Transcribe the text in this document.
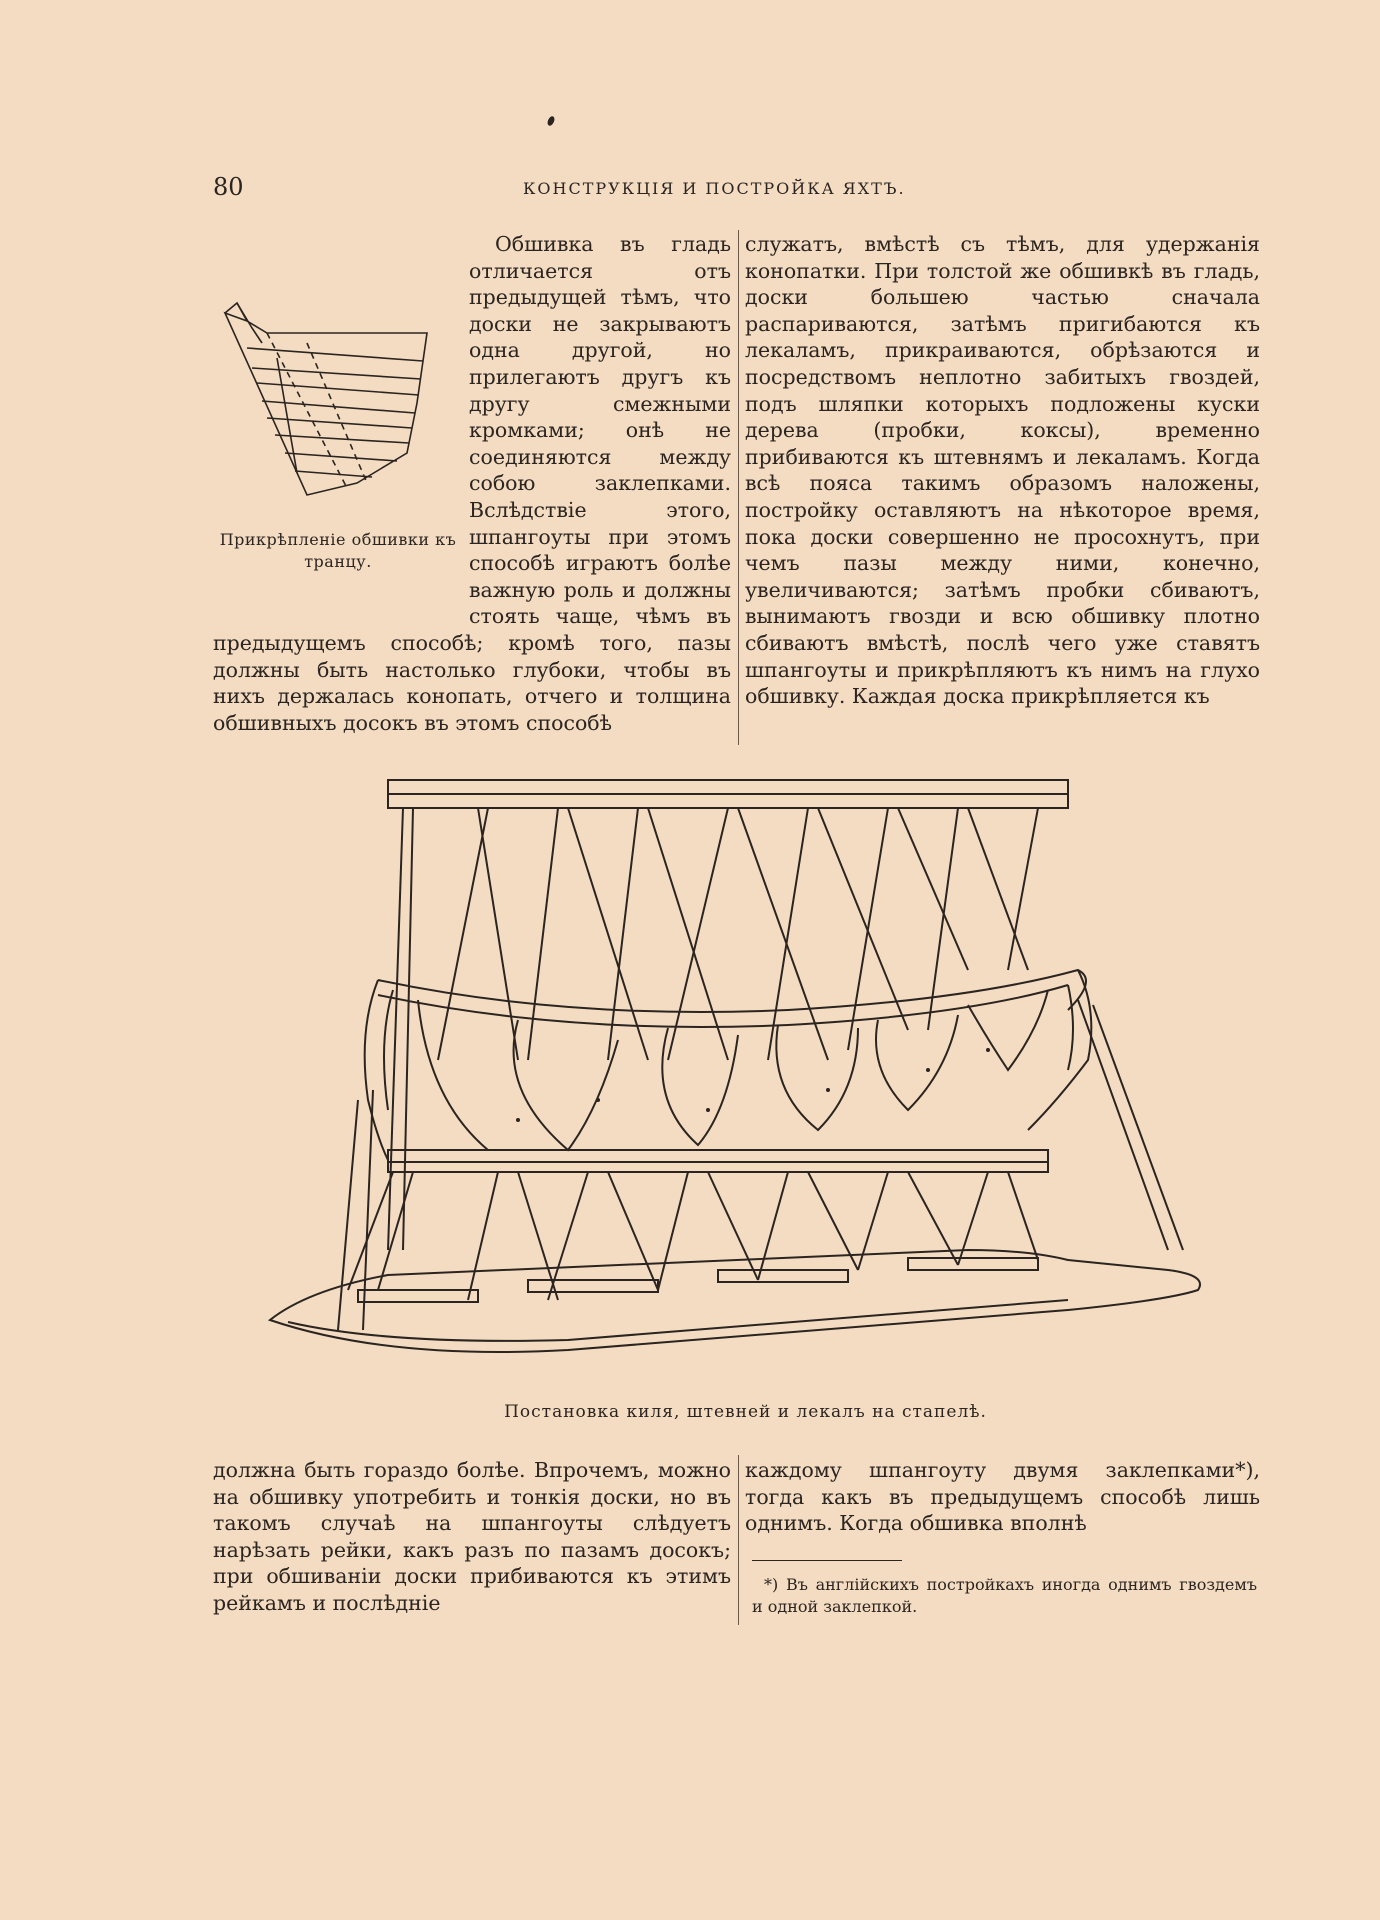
80	КОНСТРУКЦІЯ И ПОСТРОЙКА ЯХТЪ.
Прикрѣпленіе обшивки къ транцу.

Обшивка въ гладь отличается отъ предыдущей тѣмъ, что доски не закрываютъ одна другой, но прилегаютъ другъ къ другу смежными кромками; онѣ не соединяются между собою заклепками. Вслѣдствіе этого, шпангоуты при этомъ способѣ играютъ болѣе важную роль и должны стоять чаще, чѣмъ въ предыдущемъ способѣ; кромѣ того, пазы должны быть настолько глубоки, чтобы въ нихъ держалась конопать, отчего и толщина обшивныхъ досокъ въ этомъ способѣ

служатъ, вмѣстѣ съ тѣмъ, для удержанія конопатки. При толстой же обшивкѣ въ гладь, доски большею частью сначала распариваются, затѣмъ пригибаются къ лекаламъ, прикраиваются, обрѣзаются и посредствомъ неплотно забитыхъ гвоздей, подъ шляпки которыхъ подложены куски дерева (пробки, коксы), временно прибиваются къ штевнямъ и лекаламъ. Когда всѣ пояса такимъ образомъ наложены, постройку оставляютъ на нѣкоторое время, пока доски совершенно не просохнутъ, при чемъ пазы между ними, конечно, увеличиваются; затѣмъ пробки сбиваютъ, вынимаютъ гвозди и всю обшивку плотно сбиваютъ вмѣстѣ, послѣ чего уже ставятъ шпангоуты и прикрѣпляютъ къ нимъ на глухо обшивку. Каждая доска прикрѣпляется къ

Постановка киля, штевней и лекалъ на стапелѣ.

должна быть гораздо болѣе. Впрочемъ, можно на обшивку употребить и тонкія доски, но въ такомъ случаѣ на шпангоуты слѣдуетъ нарѣзать рейки, какъ разъ по пазамъ досокъ; при обшиваніи доски прибиваются къ этимъ рейкамъ и послѣдніе

каждому шпангоуту двумя заклепками*), тогда какъ въ предыдущемъ способѣ лишь однимъ. Когда обшивка вполнѣ

*) Въ англійскихъ постройкахъ иногда однимъ гвоздемъ и одной заклепкой.
